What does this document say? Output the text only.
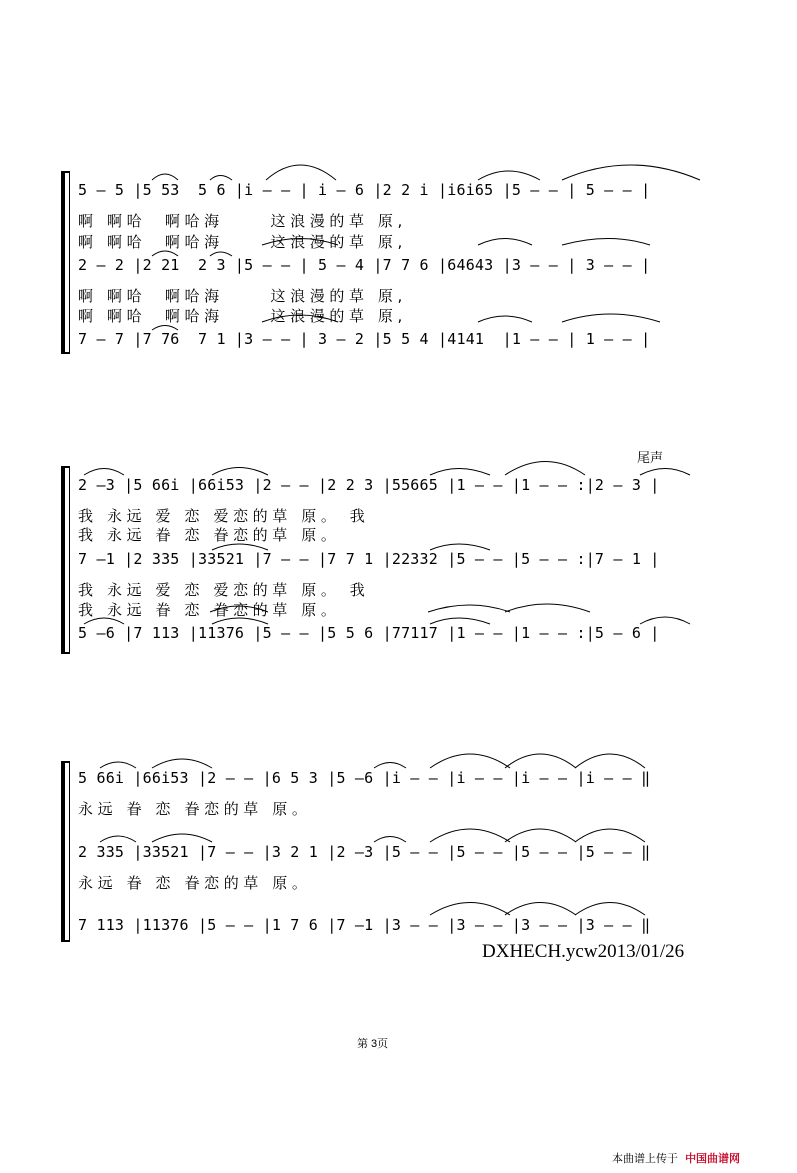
5 – 5 |5 53  5 6 |i – – | i – 6 |2 2 i |i6i65 |5 – – | 5 – – |
啊 啊哈  啊哈海     这浪漫的草 原,
啊 啊哈  啊哈海     这浪漫的草 原,
2 – 2 |2 21  2 3 |5 – – | 5 – 4 |7 7 6 |64643 |3 – – | 3 – – |
啊 啊哈  啊哈海     这浪漫的草 原,
啊 啊哈  啊哈海     这浪漫的草 原,
7 – 7 |7 76  7 1 |3 – – | 3 – 2 |5 5 4 |4141  |1 – – | 1 – – |
尾声
2 –3 |5 66i |66i53 |2 – – |2 2 3 |55665 |1 – – |1 – – :|2 – 3 |
我 永远 爱 恋 爱恋的草 原。 我
我 永远 眷 恋 眷恋的草 原。
7 –1 |2 335 |33521 |7 – – |7 7 1 |22332 |5 – – |5 – – :|7 – 1 |
我 永远 爱 恋 爱恋的草 原。 我
我 永远 眷 恋 眷恋的草 原。
5 –6 |7 113 |11376 |5 – – |5 5 6 |77117 |1 – – |1 – – :|5 – 6 |
5 66i |66i53 |2 – – |6 5 3 |5 –6 |i – – |i – – |i – – |i – – ‖
永远 眷 恋 眷恋的草 原。
2 335 |33521 |7 – – |3 2 1 |2 –3 |5 – – |5 – – |5 – – |5 – – ‖
永远 眷 恋 眷恋的草 原。
7 113 |11376 |5 – – |1 7 6 |7 –1 |3 – – |3 – – |3 – – |3 – – ‖
DXHECH.ycw2013/01/26
第 3页
本曲谱上传于 中国曲谱网
